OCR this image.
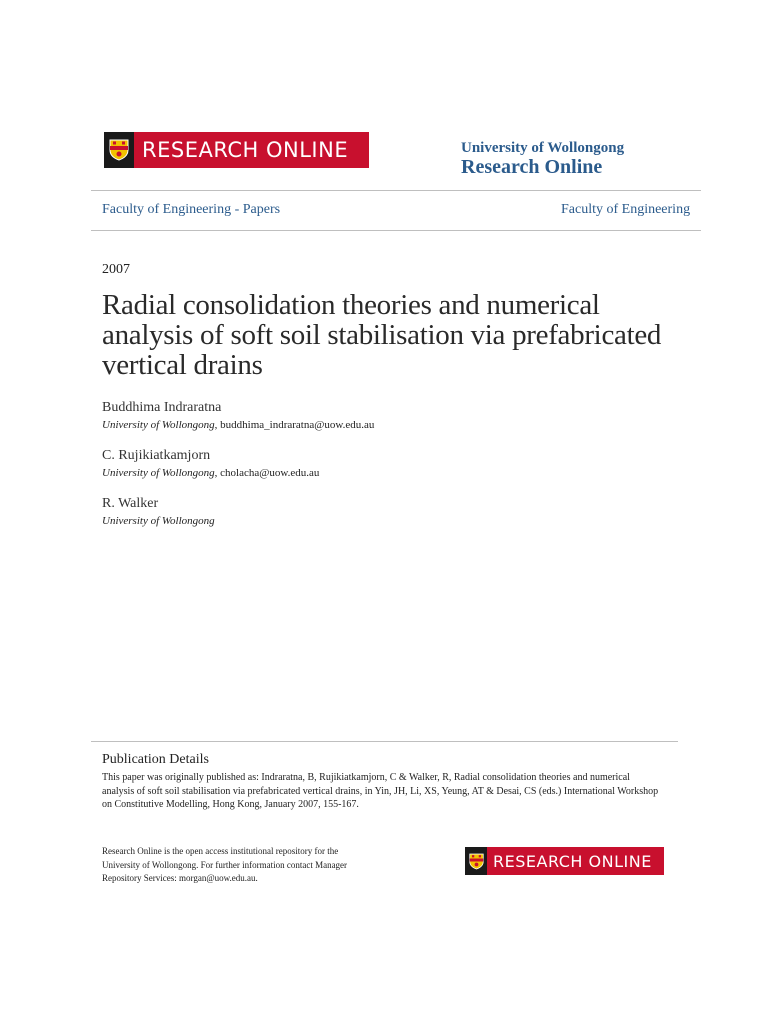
RESEARCH ONLINE	University of Wollongong
Research Online
Faculty of Engineering - Papers	Faculty of Engineering
2007
Radial consolidation theories and numerical analysis of soft soil stabilisation via prefabricated vertical drains
Buddhima Indraratna
University of Wollongong, buddhima_indraratna@uow.edu.au
C. Rujikiatkamjorn
University of Wollongong, cholacha@uow.edu.au
R. Walker
University of Wollongong
Publication Details
This paper was originally published as: Indraratna, B, Rujikiatkamjorn, C & Walker, R, Radial consolidation theories and numerical analysis of soft soil stabilisation via prefabricated vertical drains, in Yin, JH, Li, XS, Yeung, AT & Desai, CS (eds.) International Workshop on Constitutive Modelling, Hong Kong, January 2007, 155-167.
Research Online is the open access institutional repository for the University of Wollongong. For further information contact Manager Repository Services: morgan@uow.edu.au.
RESEARCH ONLINE
